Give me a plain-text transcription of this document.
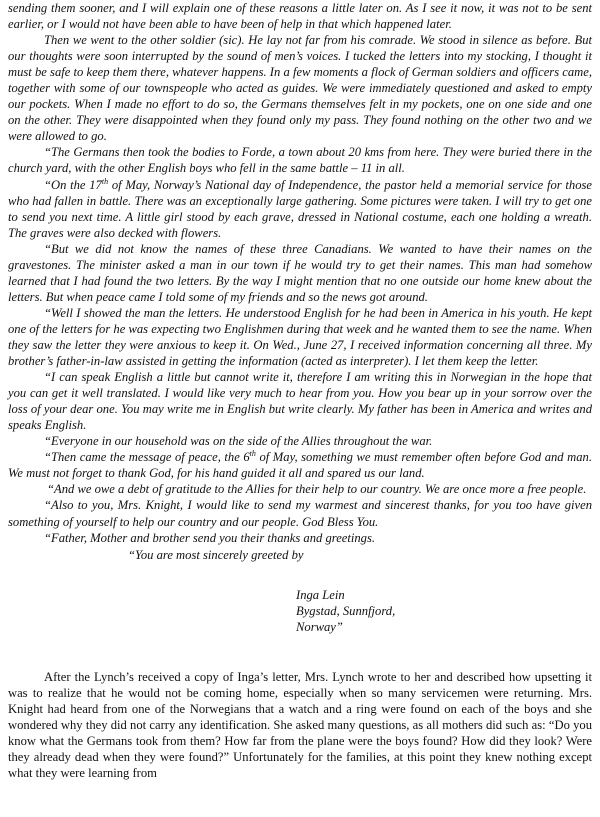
sending them sooner, and I will explain one of these reasons a little later on. As I see it now, it was not to be sent earlier, or I would not have been able to have been of help in that which happened later.

Then we went to the other soldier (sic). He lay not far from his comrade. We stood in silence as before. But our thoughts were soon interrupted by the sound of men’s voices. I tucked the letters into my stocking, I thought it must be safe to keep them there, whatever happens. In a few moments a flock of German soldiers and officers came, together with some of our townspeople who acted as guides. We were immediately questioned and asked to empty our pockets. When I made no effort to do so, the Germans themselves felt in my pockets, one on one side and one on the other. They were disappointed when they found only my pass. They found nothing on the other two and we were allowed to go.

“The Germans then took the bodies to Forde, a town about 20 kms from here. They were buried there in the church yard, with the other English boys who fell in the same battle – 11 in all.

“On the 17th of May, Norway’s National day of Independence, the pastor held a memorial service for those who had fallen in battle. There was an exceptionally large gathering. Some pictures were taken. I will try to get one to send you next time. A little girl stood by each grave, dressed in National costume, each one holding a wreath. The graves were also decked with flowers.

“But we did not know the names of these three Canadians. We wanted to have their names on the gravestones. The minister asked a man in our town if he would try to get their names. This man had somehow learned that I had found the two letters. By the way I might mention that no one outside our home knew about the letters. But when peace came I told some of my friends and so the news got around.

“Well I showed the man the letters. He understood English for he had been in America in his youth. He kept one of the letters for he was expecting two Englishmen during that week and he wanted them to see the name. When they saw the letter they were anxious to keep it. On Wed., June 27, I received information concerning all three. My brother’s father-in-law assisted in getting the information (acted as interpreter). I let them keep the letter.

“I can speak English a little but cannot write it, therefore I am writing this in Norwegian in the hope that you can get it well translated. I would like very much to hear from you. How you bear up in your sorrow over the loss of your dear one. You may write me in English but write clearly. My father has been in America and writes and speaks English.

“Everyone in our household was on the side of the Allies throughout the war.

“Then came the message of peace, the 6th of May, something we must remember often before God and man. We must not forget to thank God, for his hand guided it all and spared us our land.

“And we owe a debt of gratitude to the Allies for their help to our country. We are once more a free people.

“Also to you, Mrs. Knight, I would like to send my warmest and sincerest thanks, for you too have given something of yourself to help our country and our people. God Bless You.

“Father, Mother and brother send you their thanks and greetings.

“You are most sincerely greeted by
Inga Lein
Bygstad, Sunnfjord,
Norway”

After the Lynch’s received a copy of Inga’s letter, Mrs. Lynch wrote to her and described how upsetting it was to realize that he would not be coming home, especially when so many servicemen were returning. Mrs. Knight had heard from one of the Norwegians that a watch and a ring were found on each of the boys and she wondered why they did not carry any identification. She asked many questions, as all mothers did such as: “Do you know what the Germans took from them? How far from the plane were the boys found? How did they look? Were they already dead when they were found?” Unfortunately for the families, at this point they knew nothing except what they were learning from
